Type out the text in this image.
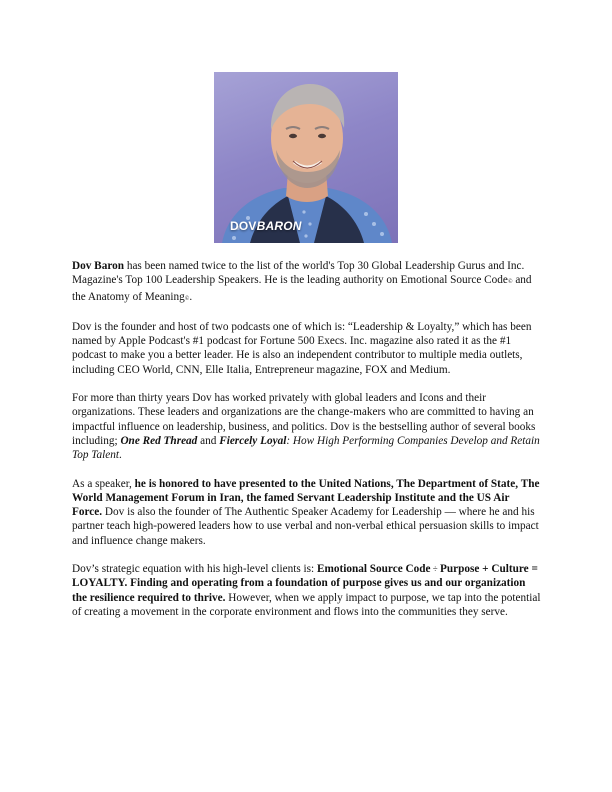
DOVBARON

Dov Baron has been named twice to the list of the world's Top 30 Global Leadership Gurus and Inc. Magazine's Top 100 Leadership Speakers. He is the leading authority on Emotional Source Code© and the Anatomy of Meaning©.

Dov is the founder and host of two podcasts one of which is: “Leadership & Loyalty,” which has been named by Apple Podcast's #1 podcast for Fortune 500 Execs. Inc. magazine also rated it as the #1 podcast to make you a better leader. He is also an independent contributor to multiple media outlets, including CEO World, CNN, Elle Italia, Entrepreneur magazine, FOX and Medium.

For more than thirty years Dov has worked privately with global leaders and Icons and their organizations. These leaders and organizations are the change-makers who are committed to having an impactful influence on leadership, business, and politics. Dov is the bestselling author of several books including; One Red Thread and Fiercely Loyal: How High Performing Companies Develop and Retain Top Talent.

As a speaker, he is honored to have presented to the United Nations, The Department of State, The World Management Forum in Iran, the famed Servant Leadership Institute and the US Air Force. Dov is also the founder of The Authentic Speaker Academy for Leadership — where he and his partner teach high-powered leaders how to use verbal and non-verbal ethical persuasion skills to impact and influence change makers.

Dov’s strategic equation with his high-level clients is: Emotional Source Code ÷ Purpose + Culture = LOYALTY. Finding and operating from a foundation of purpose gives us and our organization the resilience required to thrive. However, when we apply impact to purpose, we tap into the potential of creating a movement in the corporate environment and flows into the communities they serve.
